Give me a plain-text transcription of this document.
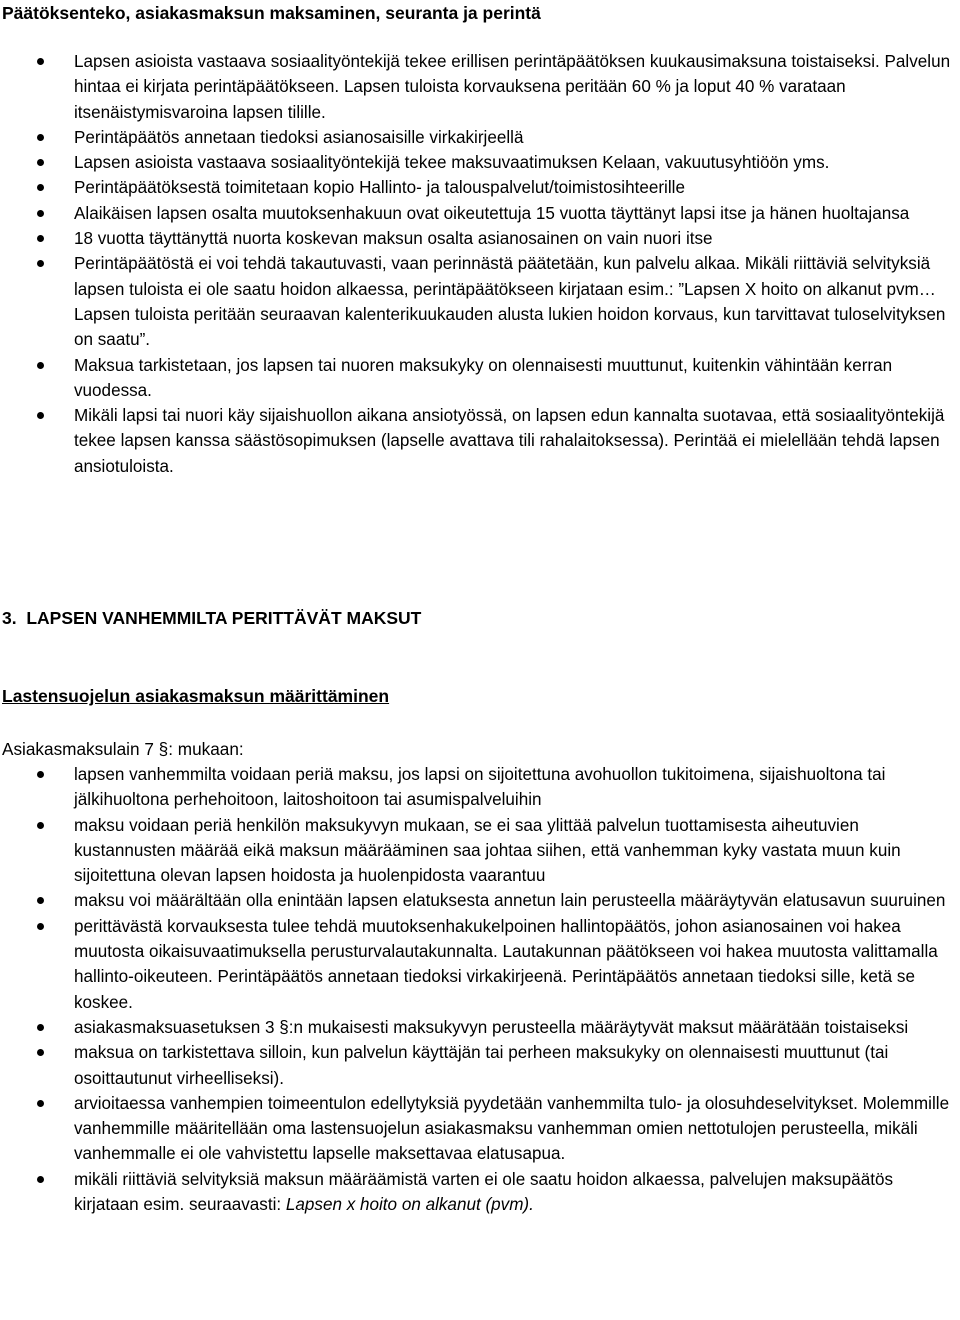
Päätöksenteko, asiakasmaksun maksaminen, seuranta ja perintä
Lapsen asioista vastaava sosiaalityöntekijä tekee erillisen perintäpäätöksen kuukausimaksuna toistaiseksi. Palvelun hintaa ei kirjata perintäpäätökseen. Lapsen tuloista korvauksena peritään 60 % ja loput 40 % varataan itsenäistymisvaroina lapsen tilille.
Perintäpäätös annetaan tiedoksi asianosaisille virkakirjeellä
Lapsen asioista vastaava sosiaalityöntekijä tekee maksuvaatimuksen Kelaan, vakuutusyhtiöön yms.
Perintäpäätöksestä toimitetaan kopio Hallinto- ja talouspalvelut/toimistosihteerille
Alaikäisen lapsen osalta muutoksenhakuun ovat oikeutettuja 15 vuotta täyttänyt lapsi itse ja hänen huoltajansa
18 vuotta täyttänyttä nuorta koskevan maksun osalta asianosainen on vain nuori itse
Perintäpäätöstä ei voi tehdä takautuvasti, vaan perinnästä päätetään, kun palvelu alkaa. Mikäli riittäviä selvityksiä lapsen tuloista ei ole saatu hoidon alkaessa, perintäpäätökseen kirjataan esim.: ”Lapsen X hoito on alkanut pvm… Lapsen tuloista peritään seuraavan kalenterikuukauden alusta lukien hoidon korvaus, kun tarvittavat tuloselvityksen on saatu”.
Maksua tarkistetaan, jos lapsen tai nuoren maksukyky on olennaisesti muuttunut, kuitenkin vähintään kerran vuodessa.
Mikäli lapsi tai nuori käy sijaishuollon aikana ansiotyössä, on lapsen edun kannalta suotavaa, että sosiaalityöntekijä tekee lapsen kanssa säästösopimuksen (lapselle avattava tili rahalaitoksessa). Perintää ei mielellään tehdä lapsen ansiotuloista.
3.  LAPSEN VANHEMMILTA PERITTÄVÄT MAKSUT
Lastensuojelun asiakasmaksun määrittäminen
Asiakasmaksulain 7 §: mukaan:
lapsen vanhemmilta voidaan periä maksu, jos lapsi on sijoitettuna avohuollon tukitoimena, sijaishuoltona tai jälkihuoltona perhehoitoon, laitoshoitoon tai asumispalveluihin
maksu voidaan periä henkilön maksukyvyn mukaan, se ei saa ylittää palvelun tuottamisesta aiheutuvien kustannusten määrää eikä maksun määrääminen saa johtaa siihen, että vanhemman kyky vastata muun kuin sijoitettuna olevan lapsen hoidosta ja huolenpidosta vaarantuu
maksu voi määrältään olla enintään lapsen elatuksesta annetun lain perusteella määräytyvän elatusavun suuruinen
perittävästä korvauksesta tulee tehdä muutoksenhakukelpoinen hallintopäätös, johon asianosainen voi hakea muutosta oikaisuvaatimuksella perusturvalautakunnalta. Lautakunnan päätökseen voi hakea muutosta valittamalla hallinto-oikeuteen. Perintäpäätös annetaan tiedoksi virkakirjeenä. Perintäpäätös annetaan tiedoksi sille, ketä se koskee.
asiakasmaksuasetuksen 3 §:n mukaisesti maksukyvyn perusteella määräytyvät maksut määrätään toistaiseksi
maksua on tarkistettava silloin, kun palvelun käyttäjän tai perheen maksukyky on olennaisesti muuttunut (tai osoittautunut virheelliseksi).
arvioitaessa vanhempien toimeentulon edellytyksiä pyydetään vanhemmilta tulo- ja olosuhdeselvitykset. Molemmille vanhemmille määritellään oma lastensuojelun asiakasmaksu vanhemman omien nettotulojen perusteella, mikäli vanhemmalle ei ole vahvistettu lapselle maksettavaa elatusapua.
mikäli riittäviä selvityksiä maksun määräämistä varten ei ole saatu hoidon alkaessa, palvelujen maksupäätös kirjataan esim. seuraavasti: Lapsen x hoito on alkanut (pvm).
